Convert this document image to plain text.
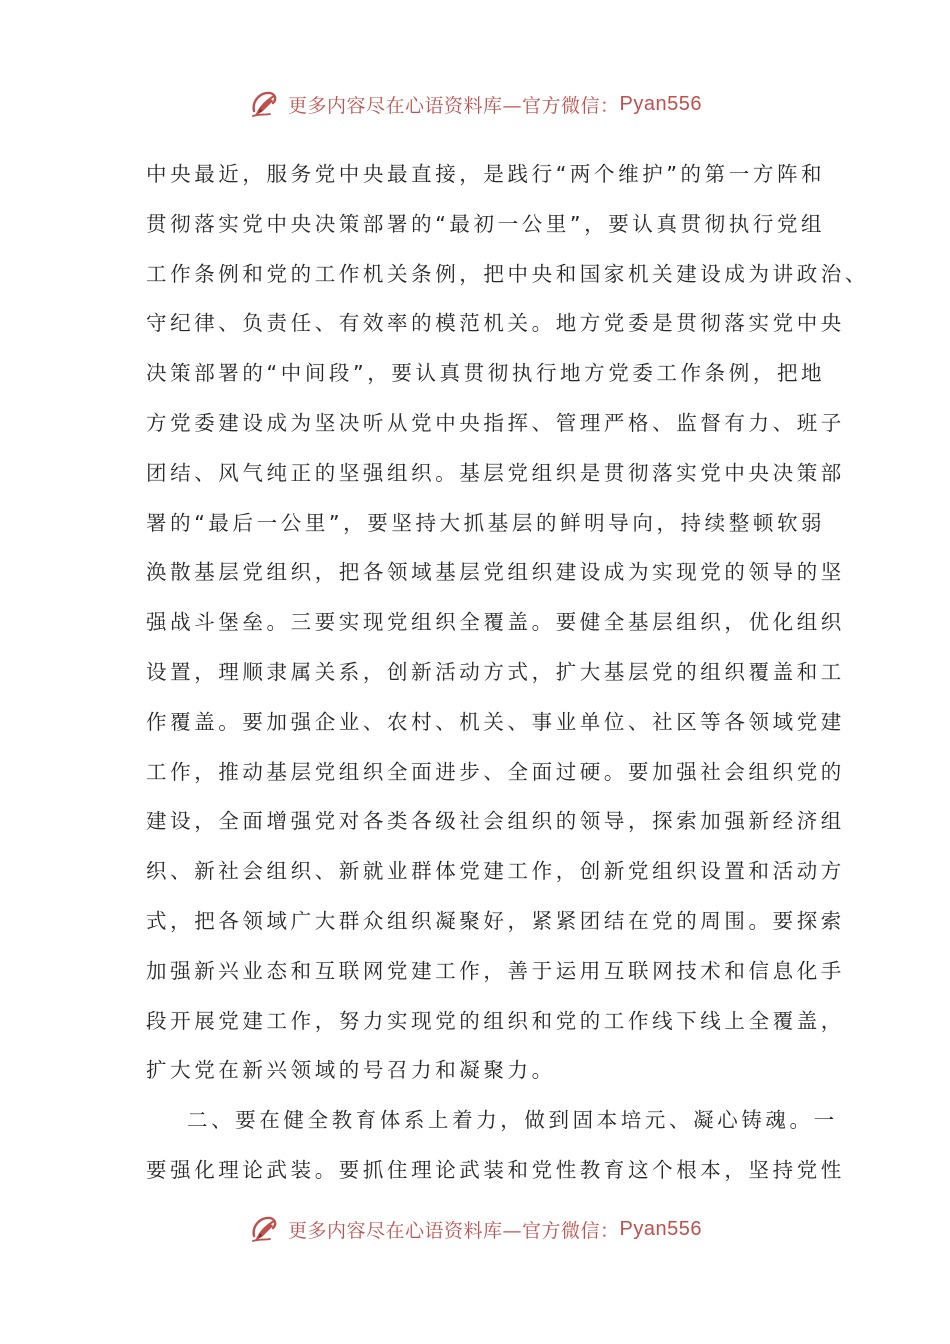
更多内容尽在心语资料库—官方微信： Pyan556
中央最近，服务党中央最直接，是践行“两个维护”的第一方阵和
贯彻落实党中央决策部署的“最初一公里”，要认真贯彻执行党组
工作条例和党的工作机关条例，把中央和国家机关建设成为讲政治、
守纪律、负责任、有效率的模范机关。地方党委是贯彻落实党中央
决策部署的“中间段”，要认真贯彻执行地方党委工作条例，把地
方党委建设成为坚决听从党中央指挥、管理严格、监督有力、班子
团结、风气纯正的坚强组织。基层党组织是贯彻落实党中央决策部
署的“最后一公里”，要坚持大抓基层的鲜明导向，持续整顿软弱
涣散基层党组织，把各领域基层党组织建设成为实现党的领导的坚
强战斗堡垒。三要实现党组织全覆盖。要健全基层组织，优化组织
设置，理顺隶属关系，创新活动方式，扩大基层党的组织覆盖和工
作覆盖。要加强企业、农村、机关、事业单位、社区等各领域党建
工作，推动基层党组织全面进步、全面过硬。要加强社会组织党的
建设，全面增强党对各类各级社会组织的领导，探索加强新经济组
织、新社会组织、新就业群体党建工作，创新党组织设置和活动方
式，把各领域广大群众组织凝聚好，紧紧团结在党的周围。要探索
加强新兴业态和互联网党建工作，善于运用互联网技术和信息化手
段开展党建工作，努力实现党的组织和党的工作线下线上全覆盖，
扩大党在新兴领域的号召力和凝聚力。
二、要在健全教育体系上着力，做到固本培元、凝心铸魂。一
要强化理论武装。要抓住理论武装和党性教育这个根本，坚持党性
更多内容尽在心语资料库—官方微信： Pyan556
